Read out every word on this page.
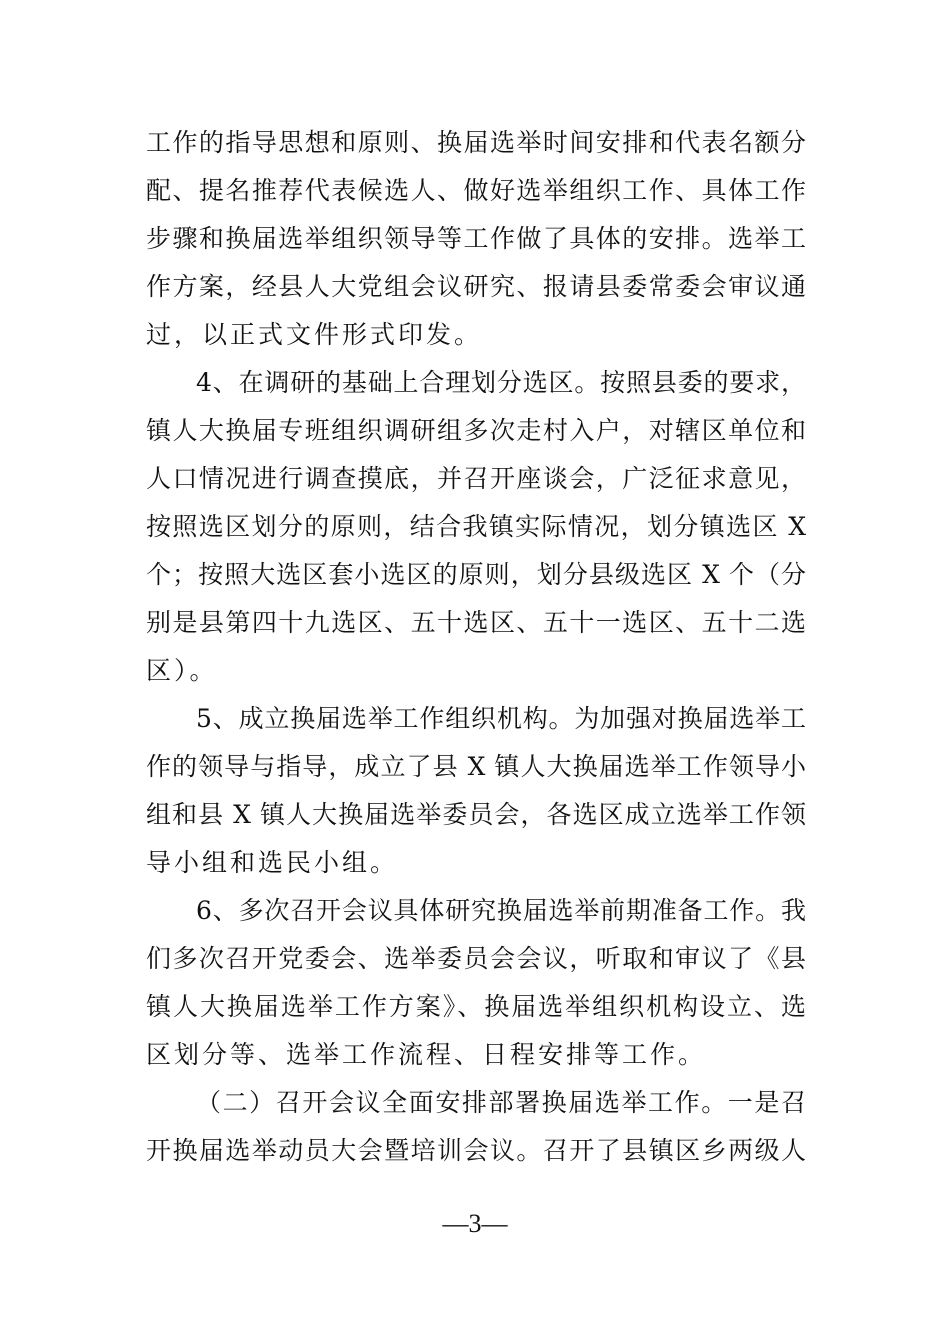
工作的指导思想和原则、换届选举时间安排和代表名额分
配、提名推荐代表候选人、做好选举组织工作、具体工作
步骤和换届选举组织领导等工作做了具体的安排。选举工
作方案，经县人大党组会议研究、报请县委常委会审议通
过，以正式文件形式印发。
4、在调研的基础上合理划分选区。按照县委的要求，
镇人大换届专班组织调研组多次走村入户，对辖区单位和
人口情况进行调查摸底，并召开座谈会，广泛征求意见，
按照选区划分的原则，结合我镇实际情况，划分镇选区 X
个；按照大选区套小选区的原则，划分县级选区 X 个（分
别是县第四十九选区、五十选区、五十一选区、五十二选
区）。
5、成立换届选举工作组织机构。为加强对换届选举工
作的领导与指导，成立了县 X 镇人大换届选举工作领导小
组和县 X 镇人大换届选举委员会，各选区成立选举工作领
导小组和选民小组。
6、多次召开会议具体研究换届选举前期准备工作。我
们多次召开党委会、选举委员会会议，听取和审议了《县
镇人大换届选举工作方案》、换届选举组织机构设立、选
区划分等、选举工作流程、日程安排等工作。
（二）召开会议全面安排部署换届选举工作。一是召
开换届选举动员大会暨培训会议。召开了县镇区乡两级人
—3—
